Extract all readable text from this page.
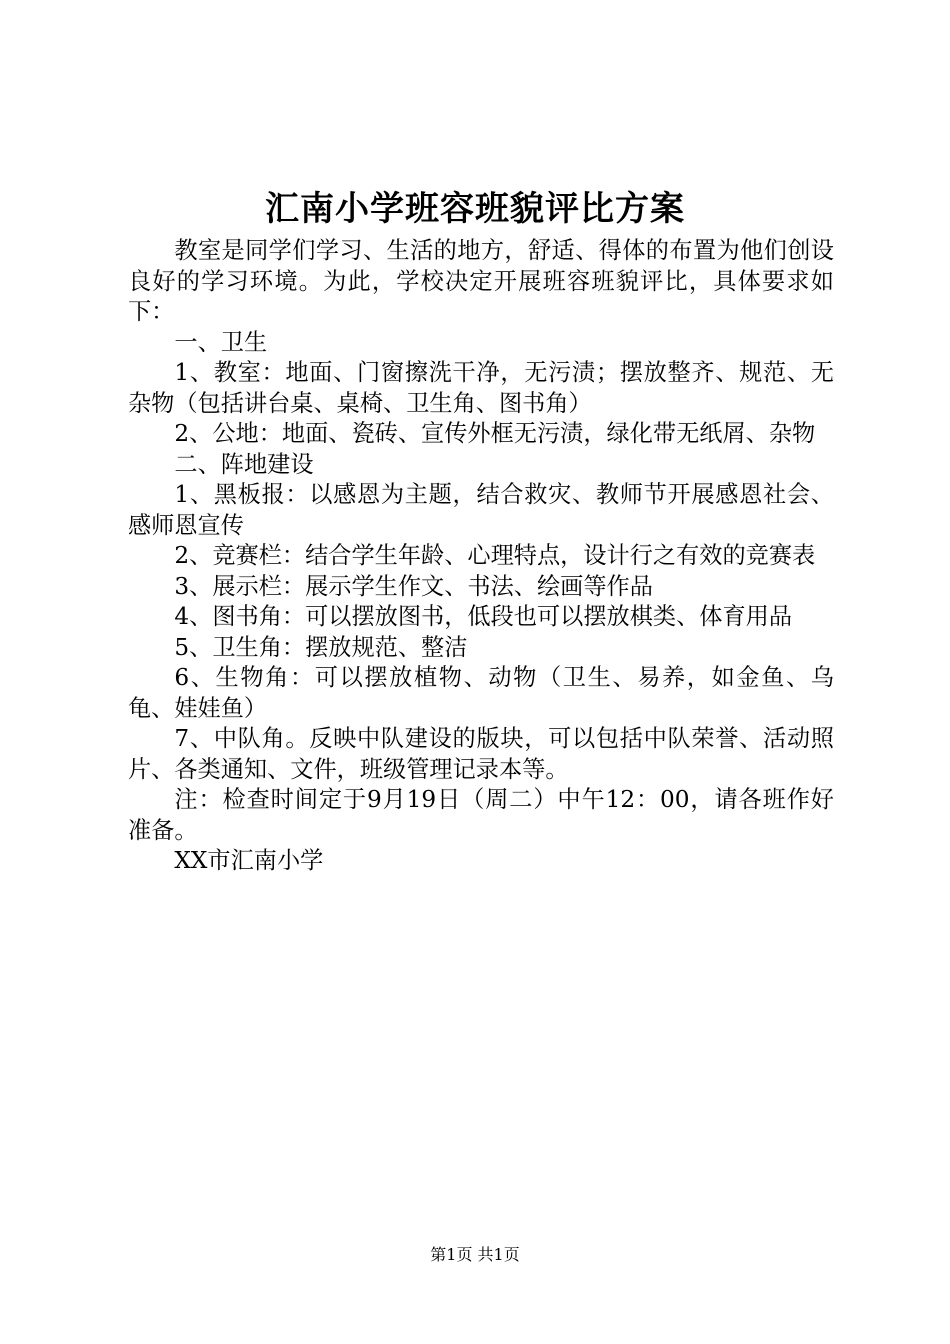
汇南小学班容班貌评比方案

教室是同学们学习、生活的地方，舒适、得体的布置为他们创设良好的学习环境。为此，学校决定开展班容班貌评比，具体要求如下：

一、卫生

1、教室：地面、门窗擦洗干净，无污渍；摆放整齐、规范、无杂物（包括讲台桌、桌椅、卫生角、图书角）

2、公地：地面、瓷砖、宣传外框无污渍，绿化带无纸屑、杂物

二、阵地建设

1、黑板报：以感恩为主题，结合救灾、教师节开展感恩社会、感师恩宣传

2、竞赛栏：结合学生年龄、心理特点，设计行之有效的竞赛表

3、展示栏：展示学生作文、书法、绘画等作品

4、图书角：可以摆放图书，低段也可以摆放棋类、体育用品

5、卫生角：摆放规范、整洁

6、生物角：可以摆放植物、动物（卫生、易养，如金鱼、乌龟、娃娃鱼）

7、中队角。反映中队建设的版块，可以包括中队荣誉、活动照片、各类通知、文件，班级管理记录本等。

注：检查时间定于9月19日（周二）中午12：00，请各班作好准备。

XX市汇南小学

第1页 共1页
